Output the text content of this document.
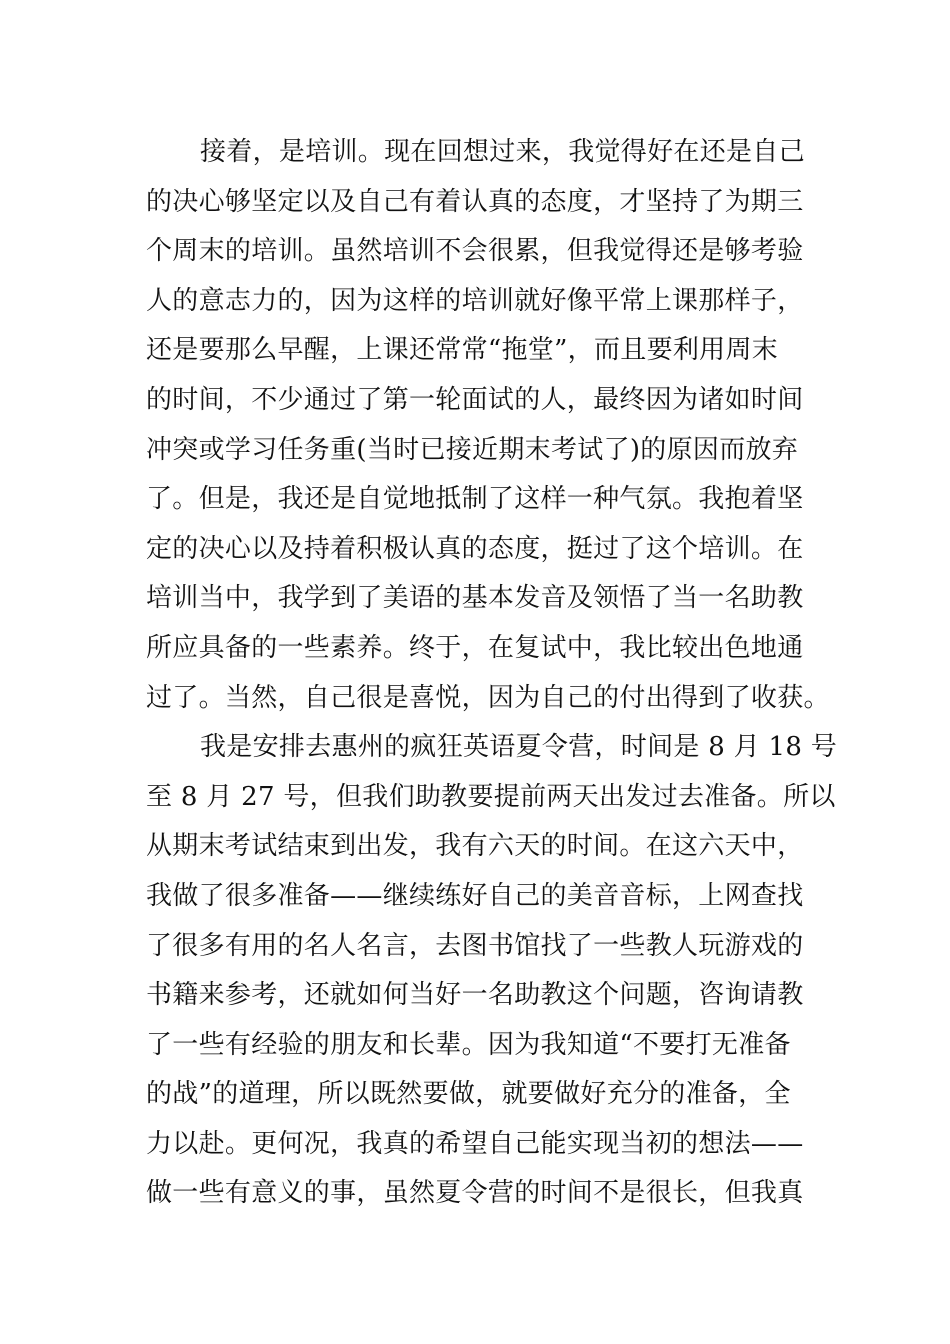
接着，是培训。现在回想过来，我觉得好在还是自己
的决心够坚定以及自己有着认真的态度，才坚持了为期三
个周末的培训。虽然培训不会很累，但我觉得还是够考验
人的意志力的，因为这样的培训就好像平常上课那样子，
还是要那么早醒，上课还常常“拖堂”，而且要利用周末
的时间，不少通过了第一轮面试的人，最终因为诸如时间
冲突或学习任务重(当时已接近期末考试了)的原因而放弃
了。但是，我还是自觉地抵制了这样一种气氛。我抱着坚
定的决心以及持着积极认真的态度，挺过了这个培训。在
培训当中，我学到了美语的基本发音及领悟了当一名助教
所应具备的一些素养。终于，在复试中，我比较出色地通
过了。当然，自己很是喜悦，因为自己的付出得到了收获。
我是安排去惠州的疯狂英语夏令营，时间是 8 月 18 号
至 8 月 27 号，但我们助教要提前两天出发过去准备。所以
从期末考试结束到出发，我有六天的时间。在这六天中，
我做了很多准备——继续练好自己的美音音标，上网查找
了很多有用的名人名言，去图书馆找了一些教人玩游戏的
书籍来参考，还就如何当好一名助教这个问题，咨询请教
了一些有经验的朋友和长辈。因为我知道“不要打无准备
的战”的道理，所以既然要做，就要做好充分的准备，全
力以赴。更何况，我真的希望自己能实现当初的想法——
做一些有意义的事，虽然夏令营的时间不是很长，但我真
